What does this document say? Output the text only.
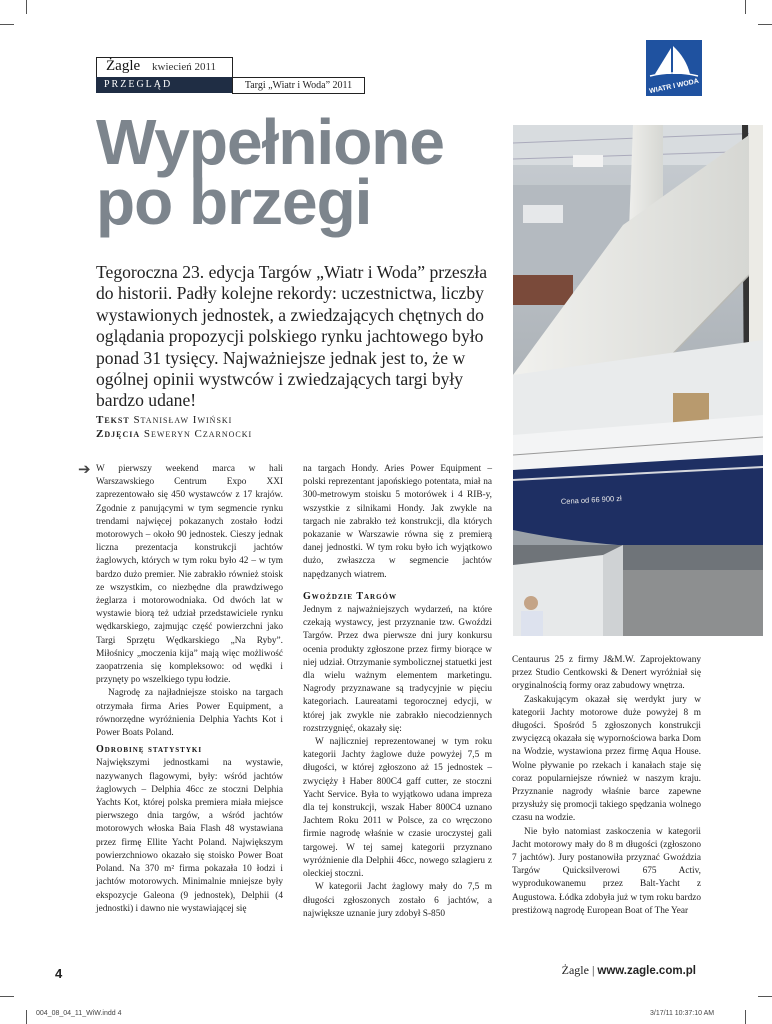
Żagle kwiecień 2011
PRZEGLĄD	Targi „Wiatr i Woda” 2011	WIATR I WODA
Wypełnione
po brzegi
Tegoroczna 23. edycja Targów „Wiatr i Woda” przeszła do historii. Padły kolejne rekordy: uczestnictwa, liczby wystawionych jednostek, a zwiedzających chętnych do oglądania propozycji polskiego rynku jachtowego było ponad 31 tysięcy. Najważniejsze jednak jest to, że w ogólnej opinii wystwców i zwiedzających targi były bardzo udane!
Tekst Stanisław Iwiński
Zdjęcia Seweryn Czarnocki
Cena od 66 900 zł
➔ W pierwszy weekend marca w hali Warszawskiego Centrum Expo XXI zaprezentowało się 450 wystawców z 17 krajów. Zgodnie z panującymi w tym segmencie rynku trendami najwięcej pokazanych zostało łodzi motorowych – około 90 jednostek. Cieszy jednak liczna prezentacja konstrukcji jachtów żaglowych, których w tym roku było 42 – w tym bardzo dużo premier. Nie zabrakło również stoisk ze wszystkim, co niezbędne dla prawdziwego żeglarza i motorowodniaka. Od dwóch lat w wystawie biorą też udział przedstawiciele rynku wędkarskiego, zajmując część powierzchni jako Targi Sprzętu Wędkarskiego „Na Ryby”. Miłośnicy „moczenia kija” mają więc możliwość zaopatrzenia się kompleksowo: od wędki i przynęty po wszelkiego typu łodzie.

Nagrodę za najładniejsze stoisko na targach otrzymała firma Aries Power Equipment, a równorzędne wyróżnienia Delphia Yachts Kot i Power Boats Poland.

Odrobinę statystyki

Największymi jednostkami na wystawie, nazywanych flagowymi, były: wśród jachtów żaglowych – Delphia 46cc ze stoczni Delphia Yachts Kot, której polska premiera miała miejsce pierwszego dnia targów, a wśród jachtów motorowych włoska Baia Flash 48 wystawiana przez firmę Ellite Yacht Poland. Największym powierzchniowo okazało się stoisko Power Boat Poland. Na 370 m² firma pokazała 10 łodzi i jachtów motorowych. Minimalnie mniejsze były ekspozycje Galeona (9 jednostek), Delphii (4 jednostki) i dawno nie wystawiającej się

na targach Hondy. Aries Power Equipment – polski reprezentant japońskiego potentata, miał na 300-metrowym stoisku 5 motorówek i 4 RIB-y, wszystkie z silnikami Hondy. Jak zwykle na targach nie zabrakło też konstrukcji, dla których pokazanie w Warszawie równa się z premierą danej jednostki. W tym roku było ich wyjątkowo dużo, zwłaszcza w segmencie jachtów napędzanych wiatrem.

Gwoździe Targów

Jednym z najważniejszych wydarzeń, na które czekają wystawcy, jest przyznanie tzw. Gwoździ Targów. Przez dwa pierwsze dni jury konkursu ocenia produkty zgłoszone przez firmy biorące w niej udział. Otrzymanie symbolicznej statuetki jest dla wielu ważnym elementem marketingu. Nagrody przyznawane są tradycyjnie w pięciu kategoriach. Laureatami tegorocznej edycji, w której jak zwykle nie zabrakło niecodziennych rozstrzygnięć, okazały się:

W najliczniej reprezentowanej w tym roku kategorii Jachty żaglowe duże powyżej 7,5 m długości, w której zgłoszono aż 15 jednostek – zwycięży ł Haber 800C4 gaff cutter, ze stoczni Yacht Service. Była to wyjątkowo udana impreza dla tej konstrukcji, wszak Haber 800C4 uznano Jachtem Roku 2011 w Polsce, za co wręczono firmie nagrodę właśnie w czasie uroczystej gali targowej. W tej samej kategorii przyznano wyróżnienie dla Delphii 46cc, nowego szlagieru z oleckiej stoczni.

W kategorii Jacht żaglowy mały do 7,5 m długości zgłoszonych zostało 6 jachtów, a największe uznanie jury zdobył S-850

Centaurus 25 z firmy J&M.W. Zaprojektowany przez Studio Centkowski & Denert wyróżniał się oryginalnością formy oraz zabudowy wnętrza.

Zaskakującym okazał się werdykt jury w kategorii Jachty motorowe duże powyżej 8 m długości. Spośród 5 zgłoszonych konstrukcji zwycięzcą okazała się wypornościowa barka Dom na Wodzie, wystawiona przez firmę Aqua House. Wolne pływanie po rzekach i kanałach staje się coraz popularniejsze również w naszym kraju. Przyznanie nagrody właśnie barce zapewne przysłuży się promocji takiego spędzania wolnego czasu na wodzie.

Nie było natomiast zaskoczenia w kategorii Jacht motorowy mały do 8 m długości (zgłoszono 7 jachtów). Jury postanowiła przyznać Gwoździa Targów Quicksilverowi 675 Activ, wyprodukowanemu przez Balt-Yacht z Augustowa. Łódka zdobyła już w tym roku bardzo prestiżową nagrodę European Boat of The Year

4	Żagle | www.zagle.com.pl
004_08_04_11_WiW.indd 4	3/17/11 10:37:10 AM
